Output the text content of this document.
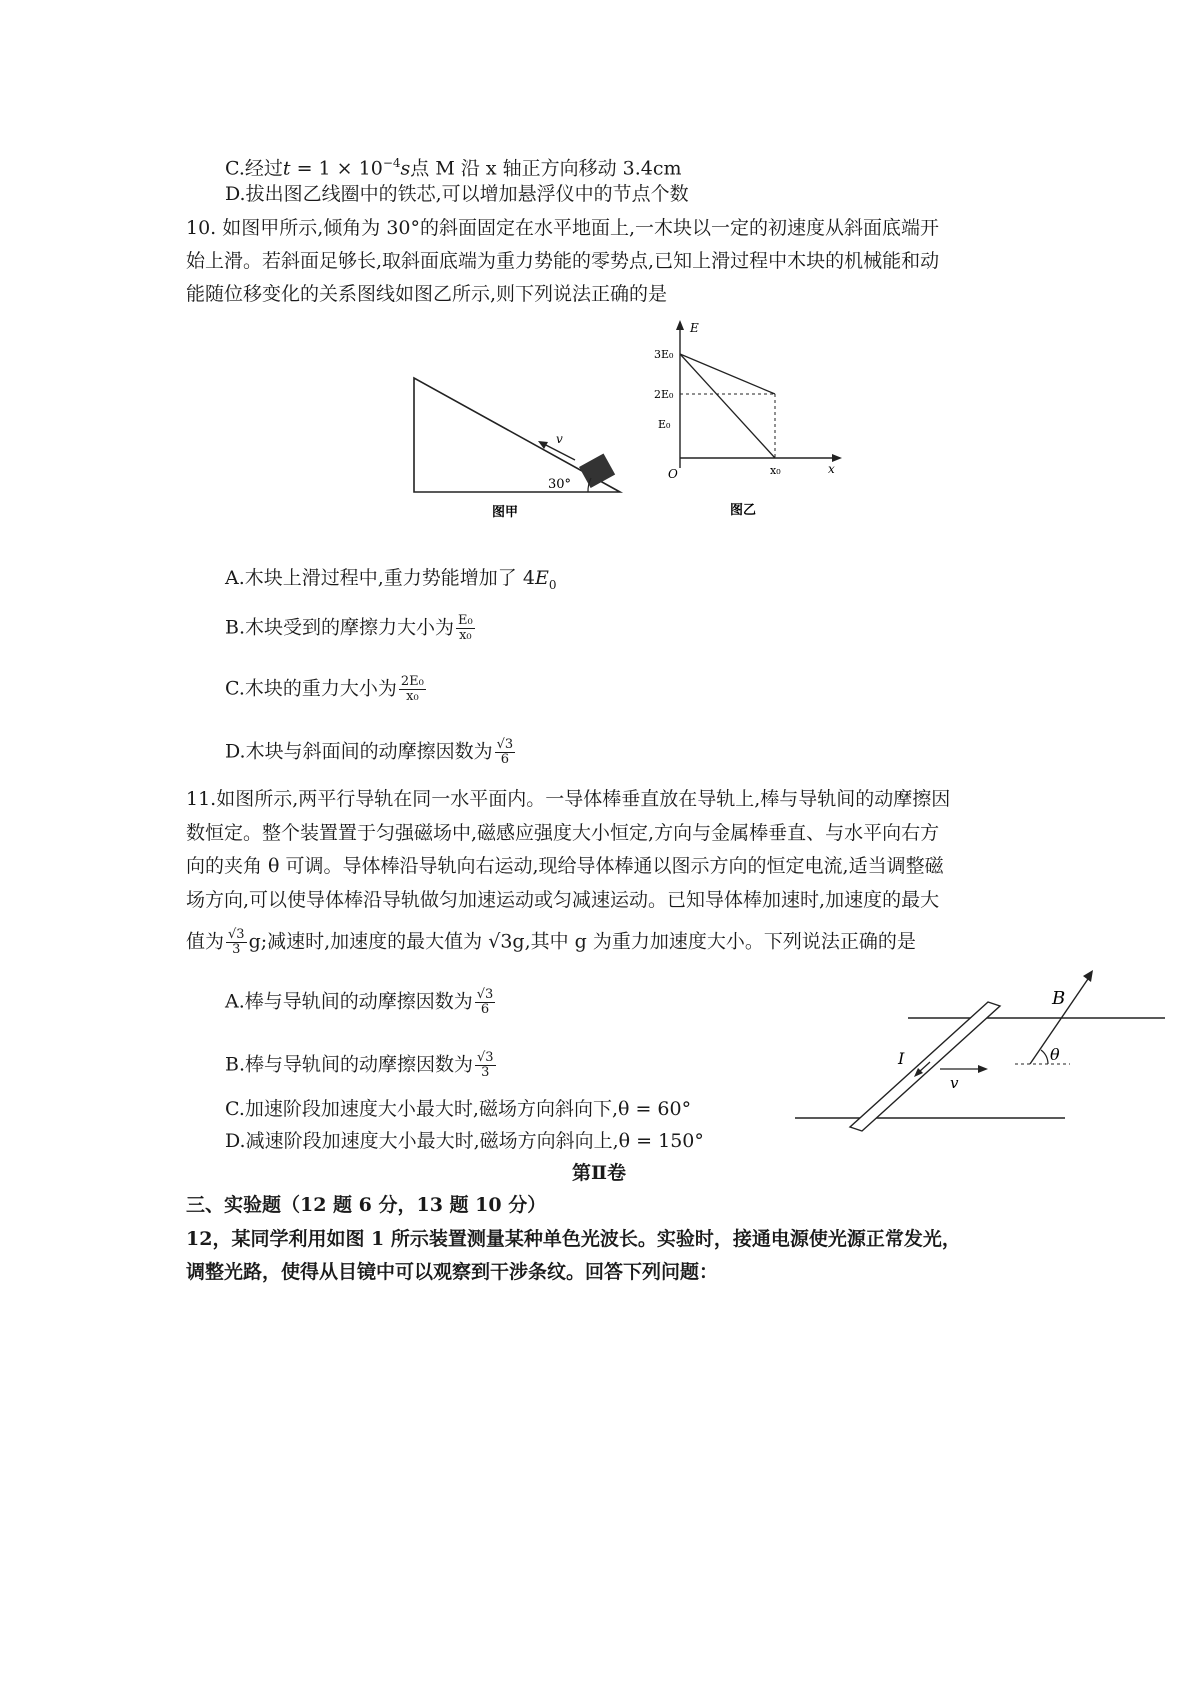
C.经过$t = 1 \times 10^{-4}s$点 M 沿 x 轴正方向移动 3.4cm
D.拔出图乙线圈中的铁芯,可以增加悬浮仪中的节点个数
10. 如图甲所示,倾角为 30°的斜面固定在水平地面上,一木块以一定的初速度从斜面底端开
始上滑。若斜面足够长,取斜面底端为重力势能的零势点,已知上滑过程中木块的机械能和动
能随位移变化的关系图线如图乙所示,则下列说法正确的是
v
30°
图甲
E
x
O
3E₀
2E₀
E₀
x₀
图乙
A.木块上滑过程中,重力势能增加了 $4E_0$
B.木块受到的摩擦力大小为 $\frac{\text{E₀}}{\text{x₀}}$
C.木块的重力大小为 $\frac{\text{2E₀}}{\text{x₀}}$
D.木块与斜面间的动摩擦因数为 $\frac{√3}{6}$
11.如图所示,两平行导轨在同一水平面内。一导体棒垂直放在导轨上,棒与导轨间的动摩擦因
数恒定。整个装置置于匀强磁场中,磁感应强度大小恒定,方向与金属棒垂直、与水平向右方
向的夹角 θ 可调。导体棒沿导轨向右运动,现给导体棒通以图示方向的恒定电流,适当调整磁
场方向,可以使导体棒沿导轨做匀加速运动或匀减速运动。已知导体棒加速时,加速度的最大
值为 $\frac{√3}{3} g$;减速时,加速度的最大值为 √3g,其中 g 为重力加速度大小。下列说法正确的是
I
v
B
θ
A.棒与导轨间的动摩擦因数为 $\frac{√3}{6}$
B.棒与导轨间的动摩擦因数为 $\frac{√3}{3}$
C.加速阶段加速度大小最大时,磁场方向斜向下,θ = 60°
D.减速阶段加速度大小最大时,磁场方向斜向上,θ = 150°
第Ⅱ卷
三、实验题（12 题 6 分，13 题 10 分）
12，某同学利用如图 1 所示装置测量某种单色光波长。实验时，接通电源使光源正常发光，
调整光路，使得从目镜中可以观察到干涉条纹。回答下列问题：
